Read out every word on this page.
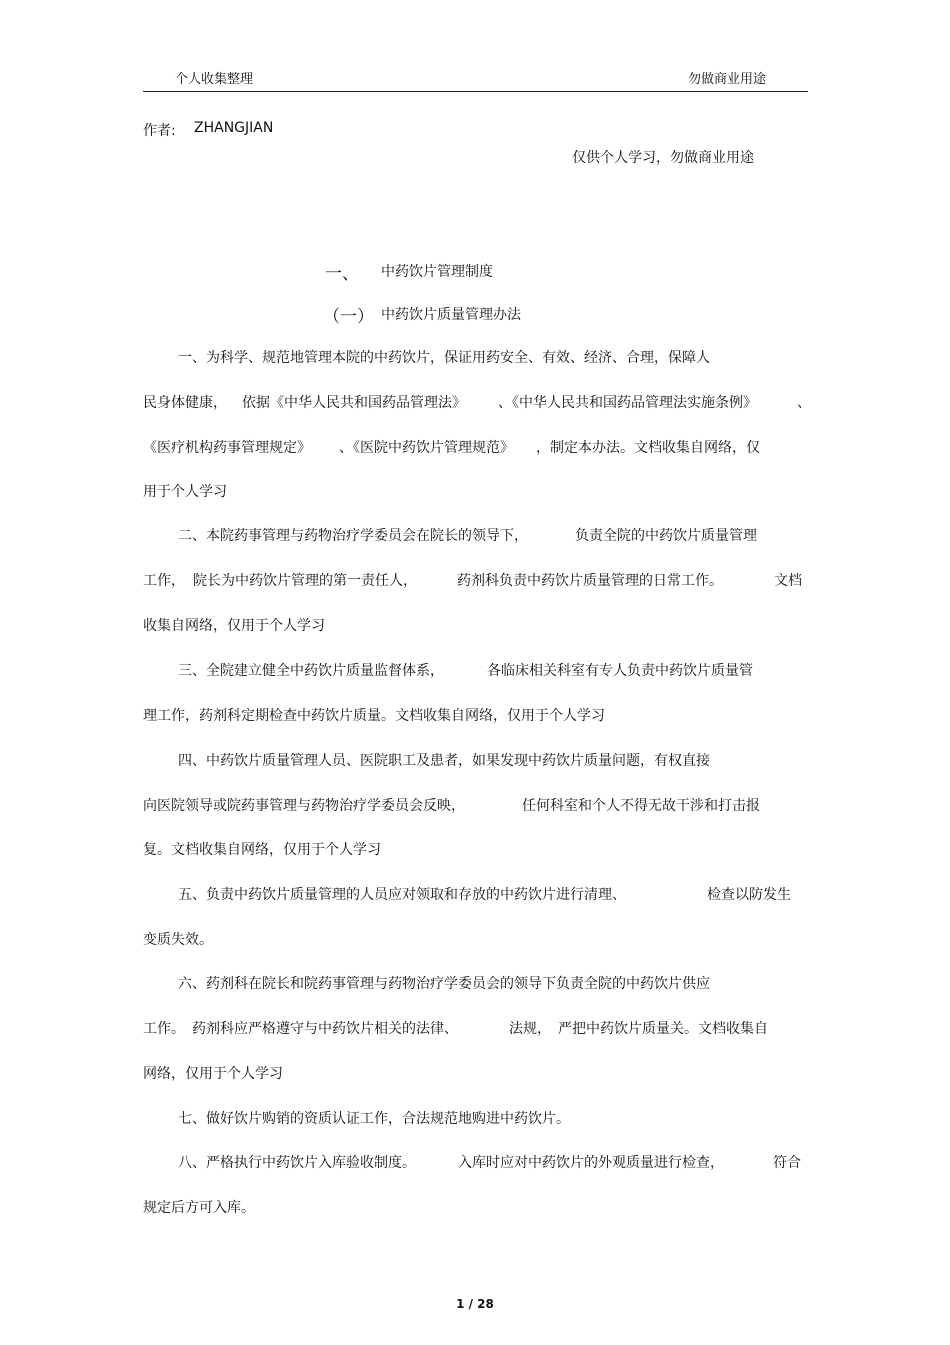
个人收集整理	勿做商业用途
作者: ZHANGJIAN
仅供个人学习，勿做商业用途
一、 中药饮片管理制度
（一） 中药饮片质量管理办法
一、为科学、规范地管理本院的中药饮片，保证用药安全、有效、经济、合理，保障人
民身体健康， 依据《中华人民共和国药品管理法》 、《中华人民共和国药品管理法实施条例》	、
《医疗机构药事管理规定》 、《医院中药饮片管理规范》 ，制定本办法。文档收集自网络，仅
用于个人学习
二、本院药事管理与药物治疗学委员会在院长的领导下，	负责全院的中药饮片质量管理
工作， 院长为中药饮片管理的第一责任人，	药剂科负责中药饮片质量管理的日常工作。	文档
收集自网络，仅用于个人学习
三、全院建立健全中药饮片质量监督体系，	各临床相关科室有专人负责中药饮片质量管
理工作，药剂科定期检查中药饮片质量。文档收集自网络，仅用于个人学习
四、中药饮片质量管理人员、医院职工及患者，如果发现中药饮片质量问题，有权直接
向医院领导或院药事管理与药物治疗学委员会反映，	任何科室和个人不得无故干涉和打击报
复。文档收集自网络，仅用于个人学习
五、负责中药饮片质量管理的人员应对领取和存放的中药饮片进行清理、	检查以防发生
变质失效。
六、药剂科在院长和院药事管理与药物治疗学委员会的领导下负责全院的中药饮片供应
工作。 药剂科应严格遵守与中药饮片相关的法律、	法规， 严把中药饮片质量关。文档收集自
网络，仅用于个人学习
七、做好饮片购销的资质认证工作，合法规范地购进中药饮片。
八、严格执行中药饮片入库验收制度。	入库时应对中药饮片的外观质量进行检查，	符合
规定后方可入库。
1 / 28
